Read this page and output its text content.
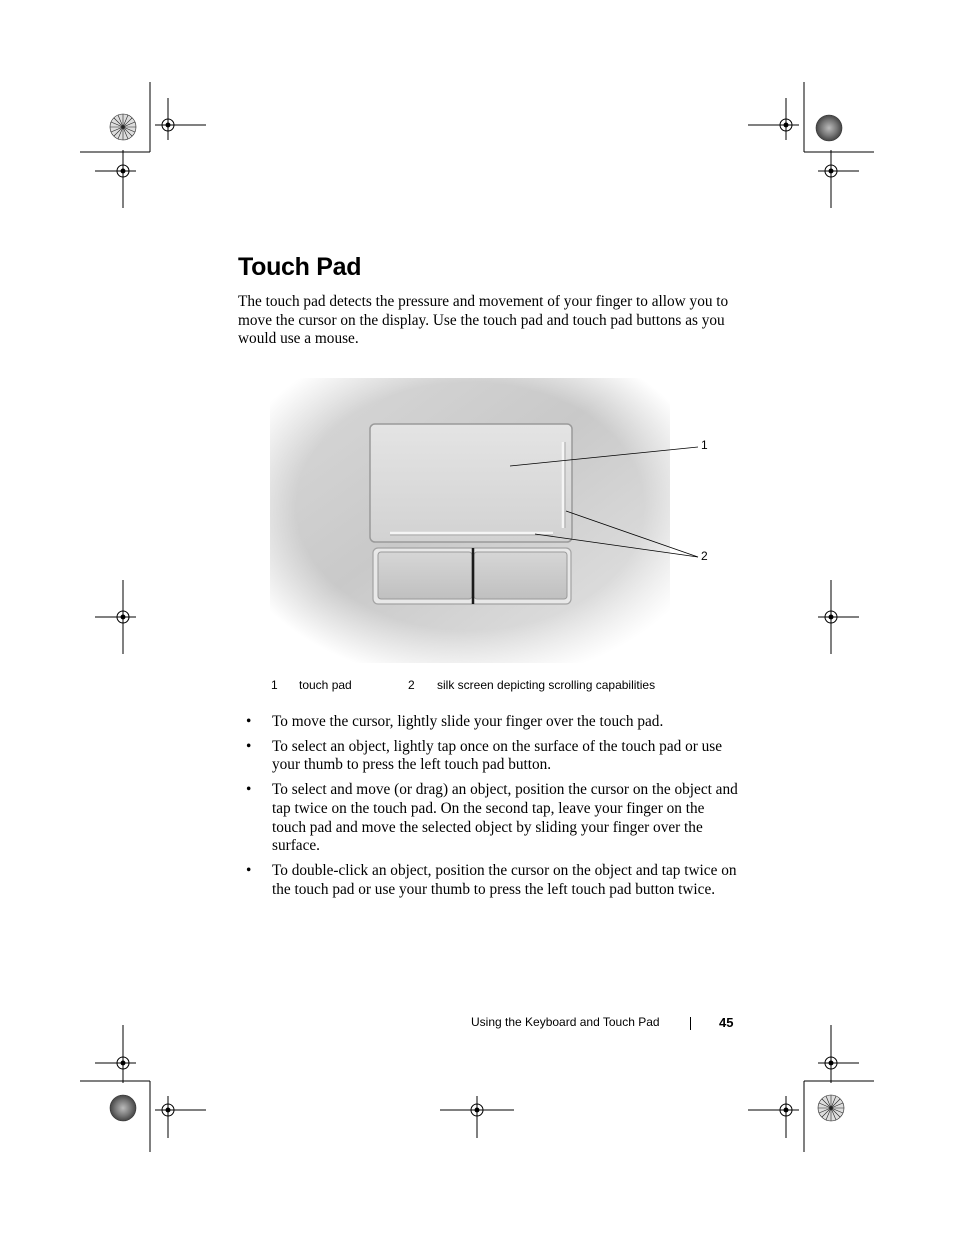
Touch Pad

The touch pad detects the pressure and movement of your finger to allow you to move the cursor on the display. Use the touch pad and touch pad buttons as you would use a mouse.

1
2
1 touch pad	2 silk screen depicting scrolling capabilities
• To move the cursor, lightly slide your finger over the touch pad.
• To select an object, lightly tap once on the surface of the touch pad or use your thumb to press the left touch pad button.
• To select and move (or drag) an object, position the cursor on the object and tap twice on the touch pad. On the second tap, leave your finger on the touch pad and move the selected object by sliding your finger over the surface.
• To double-click an object, position the cursor on the object and tap twice on the touch pad or use your thumb to press the left touch pad button twice.
Using the Keyboard and Touch Pad	45
